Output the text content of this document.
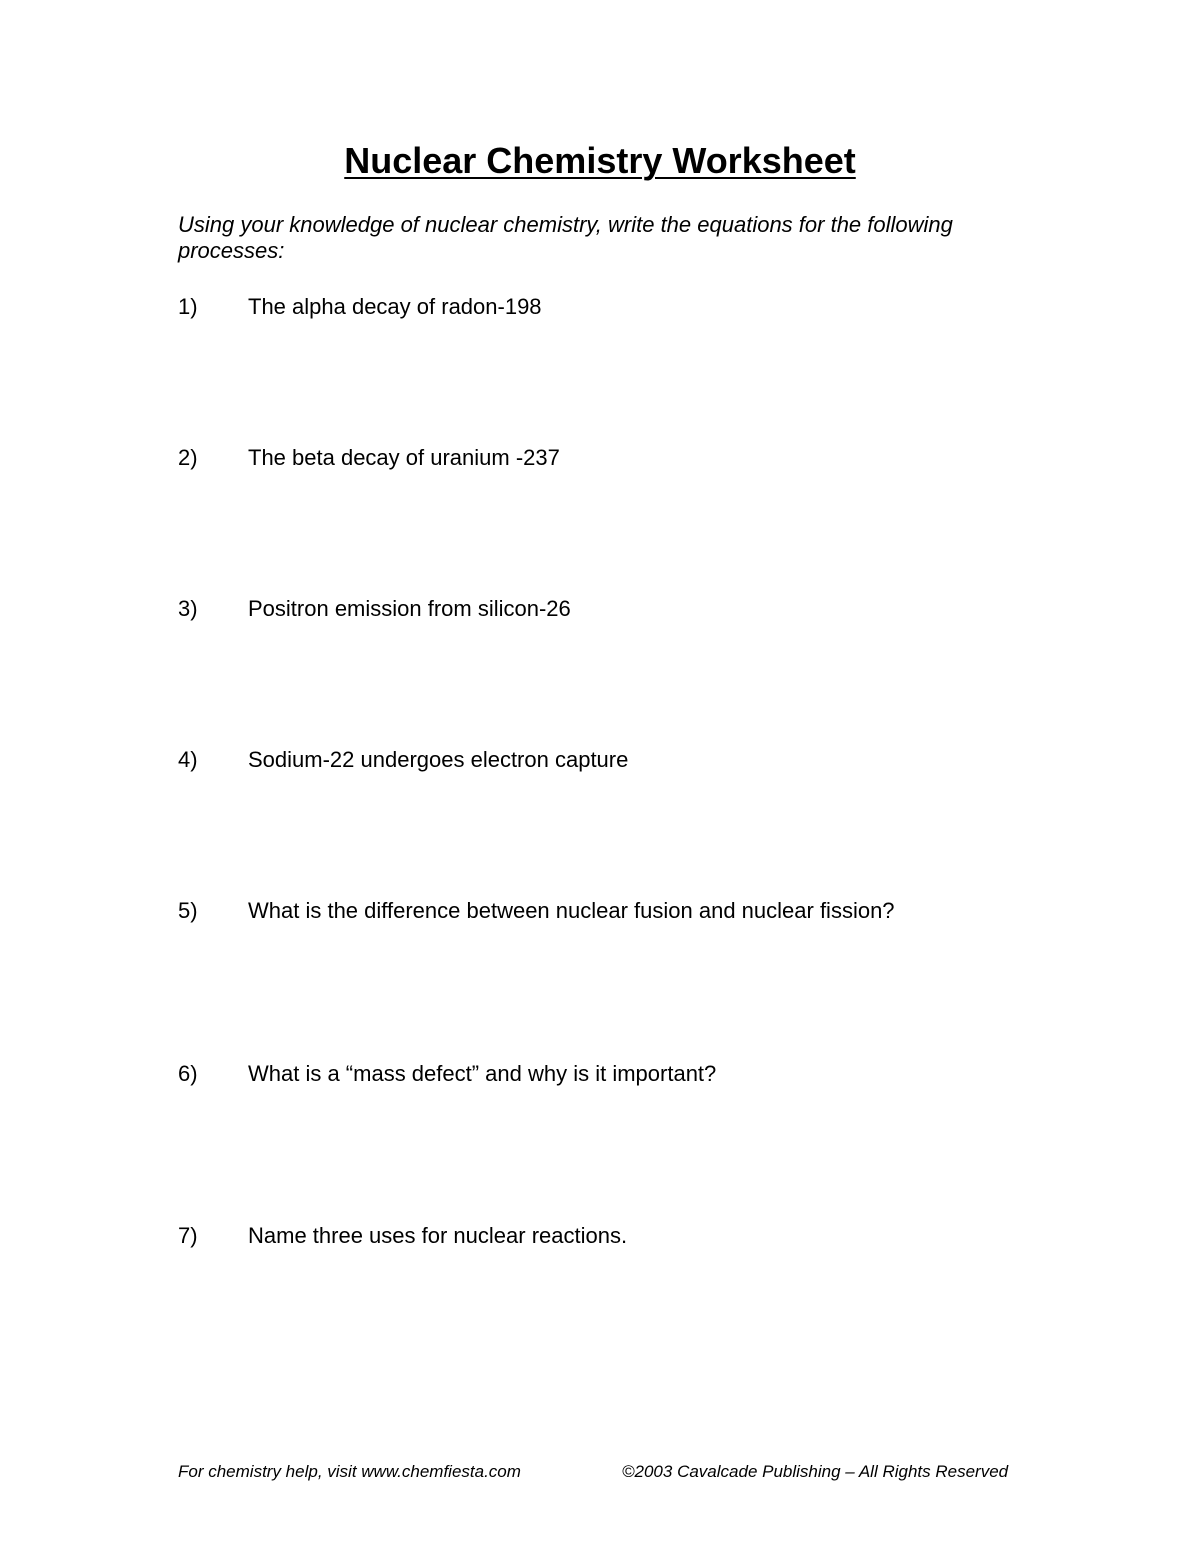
Nuclear Chemistry Worksheet

Using your knowledge of nuclear chemistry, write the equations for the following processes:

1) The alpha decay of radon-198
2) The beta decay of uranium -237
3) Positron emission from silicon-26
4) Sodium-22 undergoes electron capture
5) What is the difference between nuclear fusion and nuclear fission?
6) What is a “mass defect” and why is it important?
7) Name three uses for nuclear reactions.
For chemistry help, visit www.chemfiesta.com	©2003 Cavalcade Publishing – All Rights Reserved
